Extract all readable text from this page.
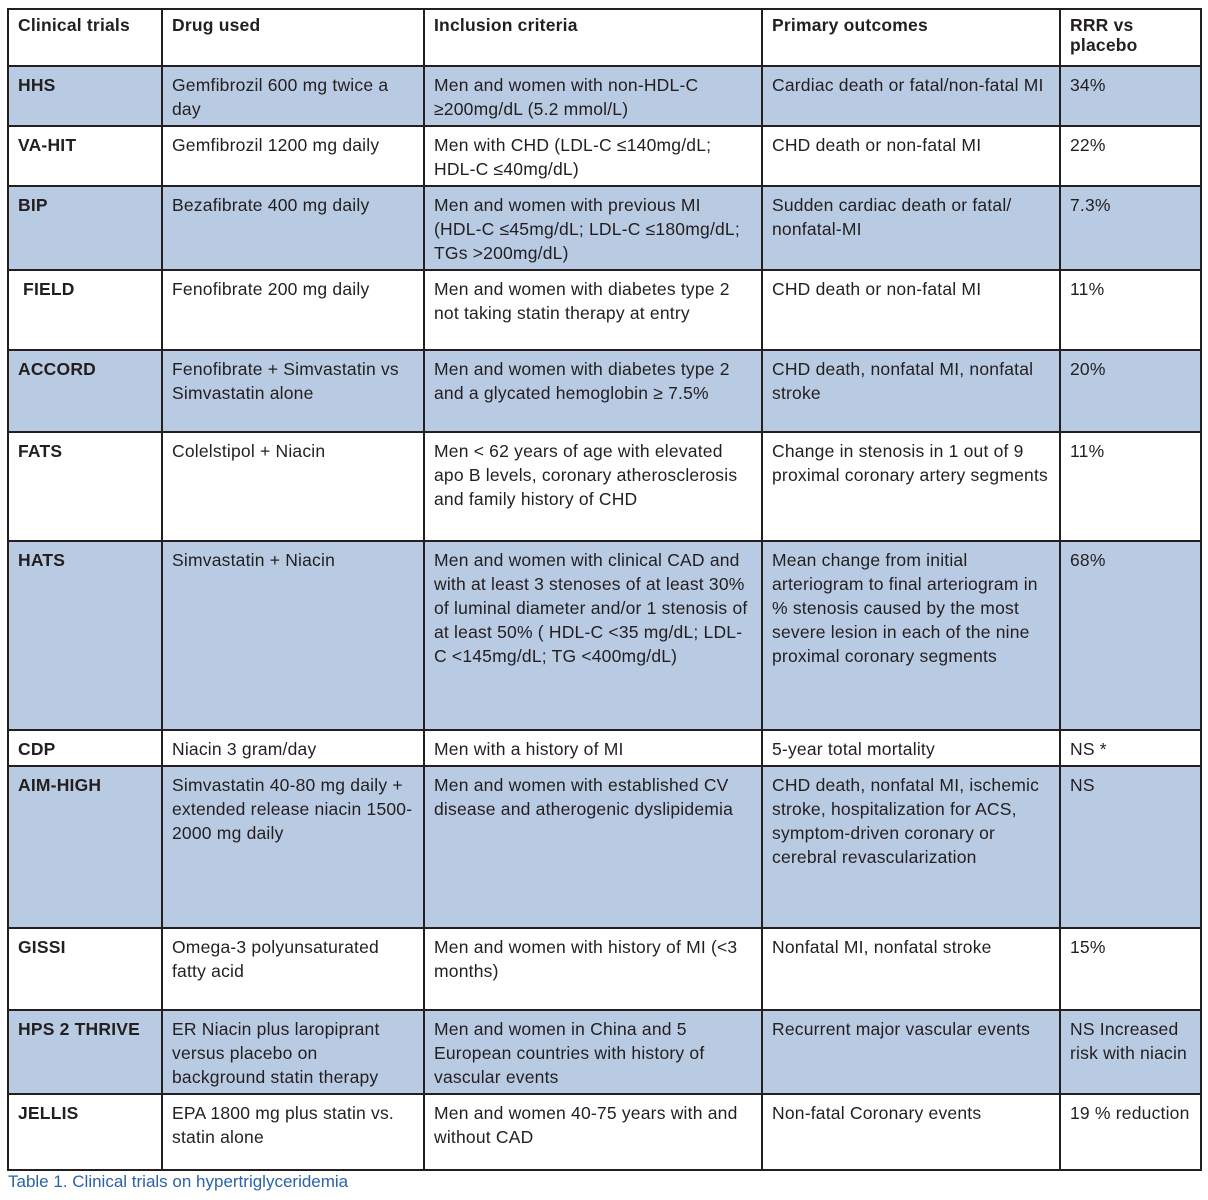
Clinical trials	Drug used	Inclusion criteria	Primary outcomes	RRR vs placebo
HHS	Gemfibrozil 600 mg twice a day	Men and women with non-HDL-C ≥200mg/dL (5.2 mmol/L)	Cardiac death or fatal/non-fatal MI	34%
VA-HIT	Gemfibrozil 1200 mg daily	Men with CHD (LDL-C ≤140mg/dL; HDL-C ≤40mg/dL)	CHD death or non-fatal MI	22%
BIP	Bezafibrate 400 mg daily	Men and women with previous MI (HDL-C ≤45mg/dL; LDL-C ≤180mg/dL; TGs >200mg/dL)	Sudden cardiac death or fatal/ nonfatal-MI	7.3%
FIELD	Fenofibrate 200 mg daily	Men and women with diabetes type 2 not taking statin therapy at entry	CHD death or non-fatal MI	11%
ACCORD	Fenofibrate + Simvastatin vs Simvastatin alone	Men and women with diabetes type 2 and a glycated hemoglobin ≥ 7.5%	CHD death, nonfatal MI, nonfatal stroke	20%
FATS	Colelstipol + Niacin	Men < 62 years of age with elevated apo B levels, coronary atherosclerosis and family history of CHD	Change in stenosis in 1 out of 9 proximal coronary artery segments	11%
HATS	Simvastatin + Niacin	Men and women with clinical CAD and with at least 3 stenoses of at least 30% of luminal diameter and/or 1 stenosis of at least 50% ( HDL-C <35 mg/dL; LDL-C <145mg/dL; TG <400mg/dL)	Mean change from initial arteriogram to final arteriogram in % stenosis caused by the most severe lesion in each of the nine proximal coronary segments	68%
CDP	Niacin 3 gram/day	Men with a history of MI	5-year total mortality	NS *
AIM-HIGH	Simvastatin 40-80 mg daily + extended release niacin 1500-2000 mg daily	Men and women with established CV disease and atherogenic dyslipidemia	CHD death, nonfatal MI, ischemic stroke, hospitalization for ACS, symptom-driven coronary or cerebral revascularization	NS
GISSI	Omega-3 polyunsaturated fatty acid	Men and women with history of MI (<3 months)	Nonfatal MI, nonfatal stroke	15%
HPS 2 THRIVE	ER Niacin plus laropiprant versus placebo on background statin therapy	Men and women in China and 5 European countries with history of vascular events	Recurrent major vascular events	NS Increased risk with niacin
JELLIS	EPA 1800 mg plus statin vs. statin alone	Men and women 40-75 years with and without CAD	Non-fatal Coronary events	19 % reduction
Table 1. Clinical trials on hypertriglyceridemia
